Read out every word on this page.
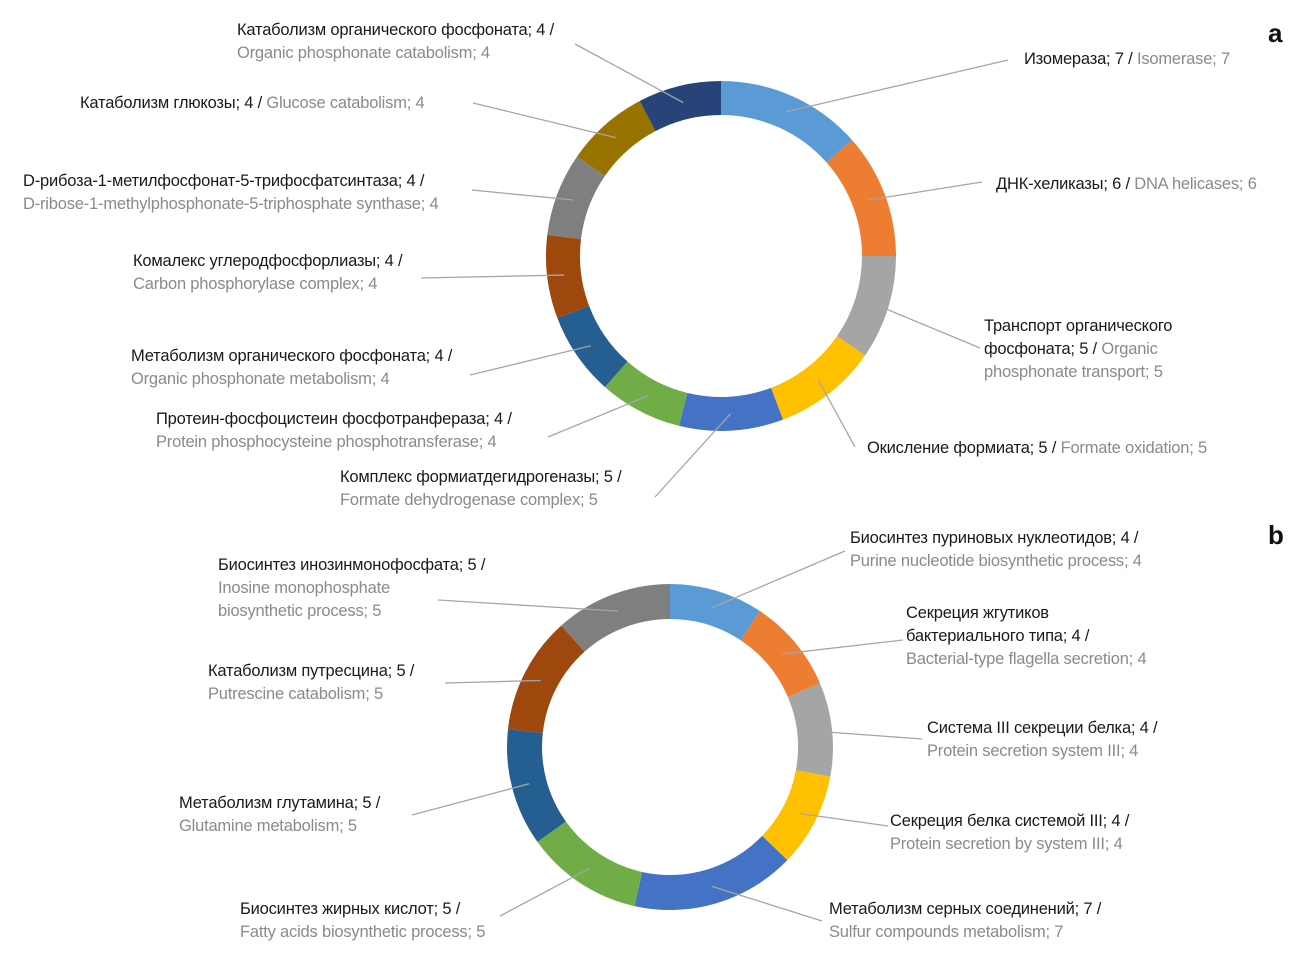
a
b
Изомераза; 7 / Isomerase; 7
ДНК-хеликазы; 6 / DNA helicases; 6
Транспорт органического фосфоната; 5 / Organic phosphonate transport; 5
Окисление формиата; 5 / Formate oxidation; 5
Комплекс формиатдегидрогеназы; 5 /
Formate dehydrogenase complex; 5
Протеин-фосфоцистеин фосфотранфераза; 4 /
Protein phosphocysteine phosphotransferase; 4
Метаболизм органического фосфоната; 4 /
Organic phosphonate metabolism; 4
Комалекс углеродфосфорлиазы; 4 /
Carbon phosphorylase complex; 4
D-рибоза-1-метилфосфонат-5-трифосфатсинтаза; 4 /
D-ribose-1-methylphosphonate-5-triphosphate synthase; 4
Катаболизм глюкозы; 4 / Glucose catabolism; 4
Катаболизм органического фосфоната; 4 /
Organic phosphonate catabolism; 4
Биосинтез пуриновых нуклеотидов; 4 /
Purine nucleotide biosynthetic process; 4
Секреция жгутиков бактериального типа; 4 /
Bacterial-type flagella secretion; 4
Система III секреции белка; 4 /
Protein secretion system III; 4
Секреция белка системой III; 4 /
Protein secretion by system III; 4
Метаболизм серных соединений; 7 /
Sulfur compounds metabolism; 7
Биосинтез жирных кислот; 5 /
Fatty acids biosynthetic process; 5
Метаболизм глутамина; 5 /
Glutamine metabolism; 5
Катаболизм путресцина; 5 /
Putrescine catabolism; 5
Биосинтез инозинмонофосфата; 5 /
Inosine monophosphate biosynthetic process; 5
